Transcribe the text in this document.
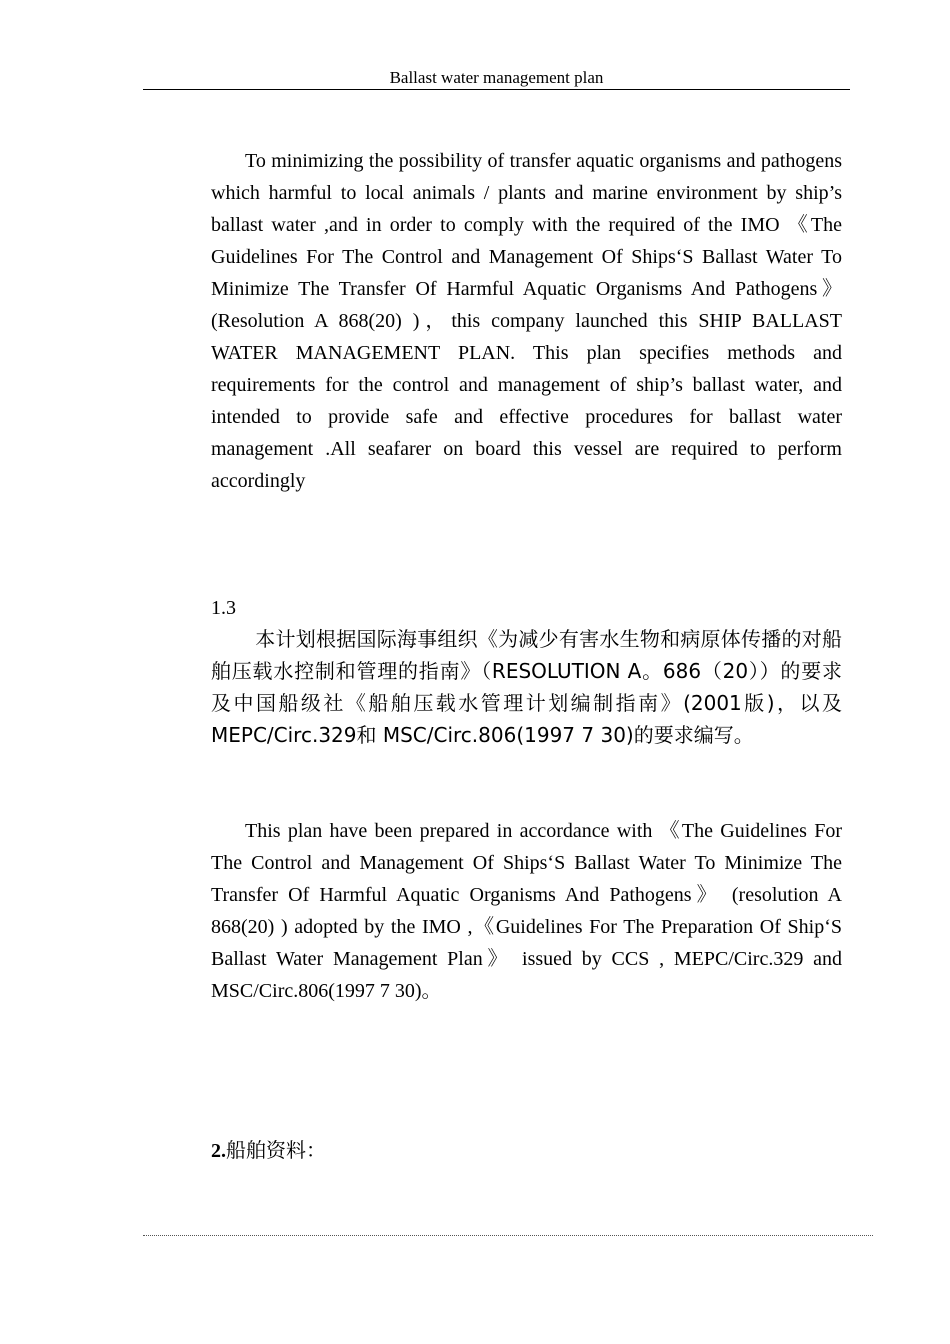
Ballast water management plan

To minimizing the possibility of transfer aquatic organisms and pathogens which harmful to local animals / plants and marine environment by ship’s ballast water ,and in order to comply with the required of the IMO 《The Guidelines For The Control and Management Of Ships‘S Ballast Water To Minimize The Transfer Of Harmful Aquatic Organisms And Pathogens》(Resolution A 868(20) )，this company launched this SHIP BALLAST WATER MANAGEMENT PLAN. This plan specifies methods and requirements for the control and management of ship’s ballast water, and intended to provide safe and effective procedures for ballast water management .All seafarer on board this vessel are required to perform accordingly

1.3

本计划根据国际海事组织《为减少有害水生物和病原体传播的对船舶压载水控制和管理的指南》（RESOLUTION A。686（20））的要求及中国船级社《船舶压载水管理计划编制指南》(2001版)，以及MEPC/Circ.329和 MSC/Circ.806(1997 7 30)的要求编写。

This plan have been prepared in accordance with 《The Guidelines For The Control and Management Of Ships‘S Ballast Water To Minimize The Transfer Of Harmful Aquatic Organisms And Pathogens》 (resolution A 868(20) ) adopted by the IMO ,《Guidelines For The Preparation Of Ship‘S Ballast Water Management Plan》 issued by CCS , MEPC/Circ.329 and MSC/Circ.806(1997 7 30)。

2.船舶资料：
